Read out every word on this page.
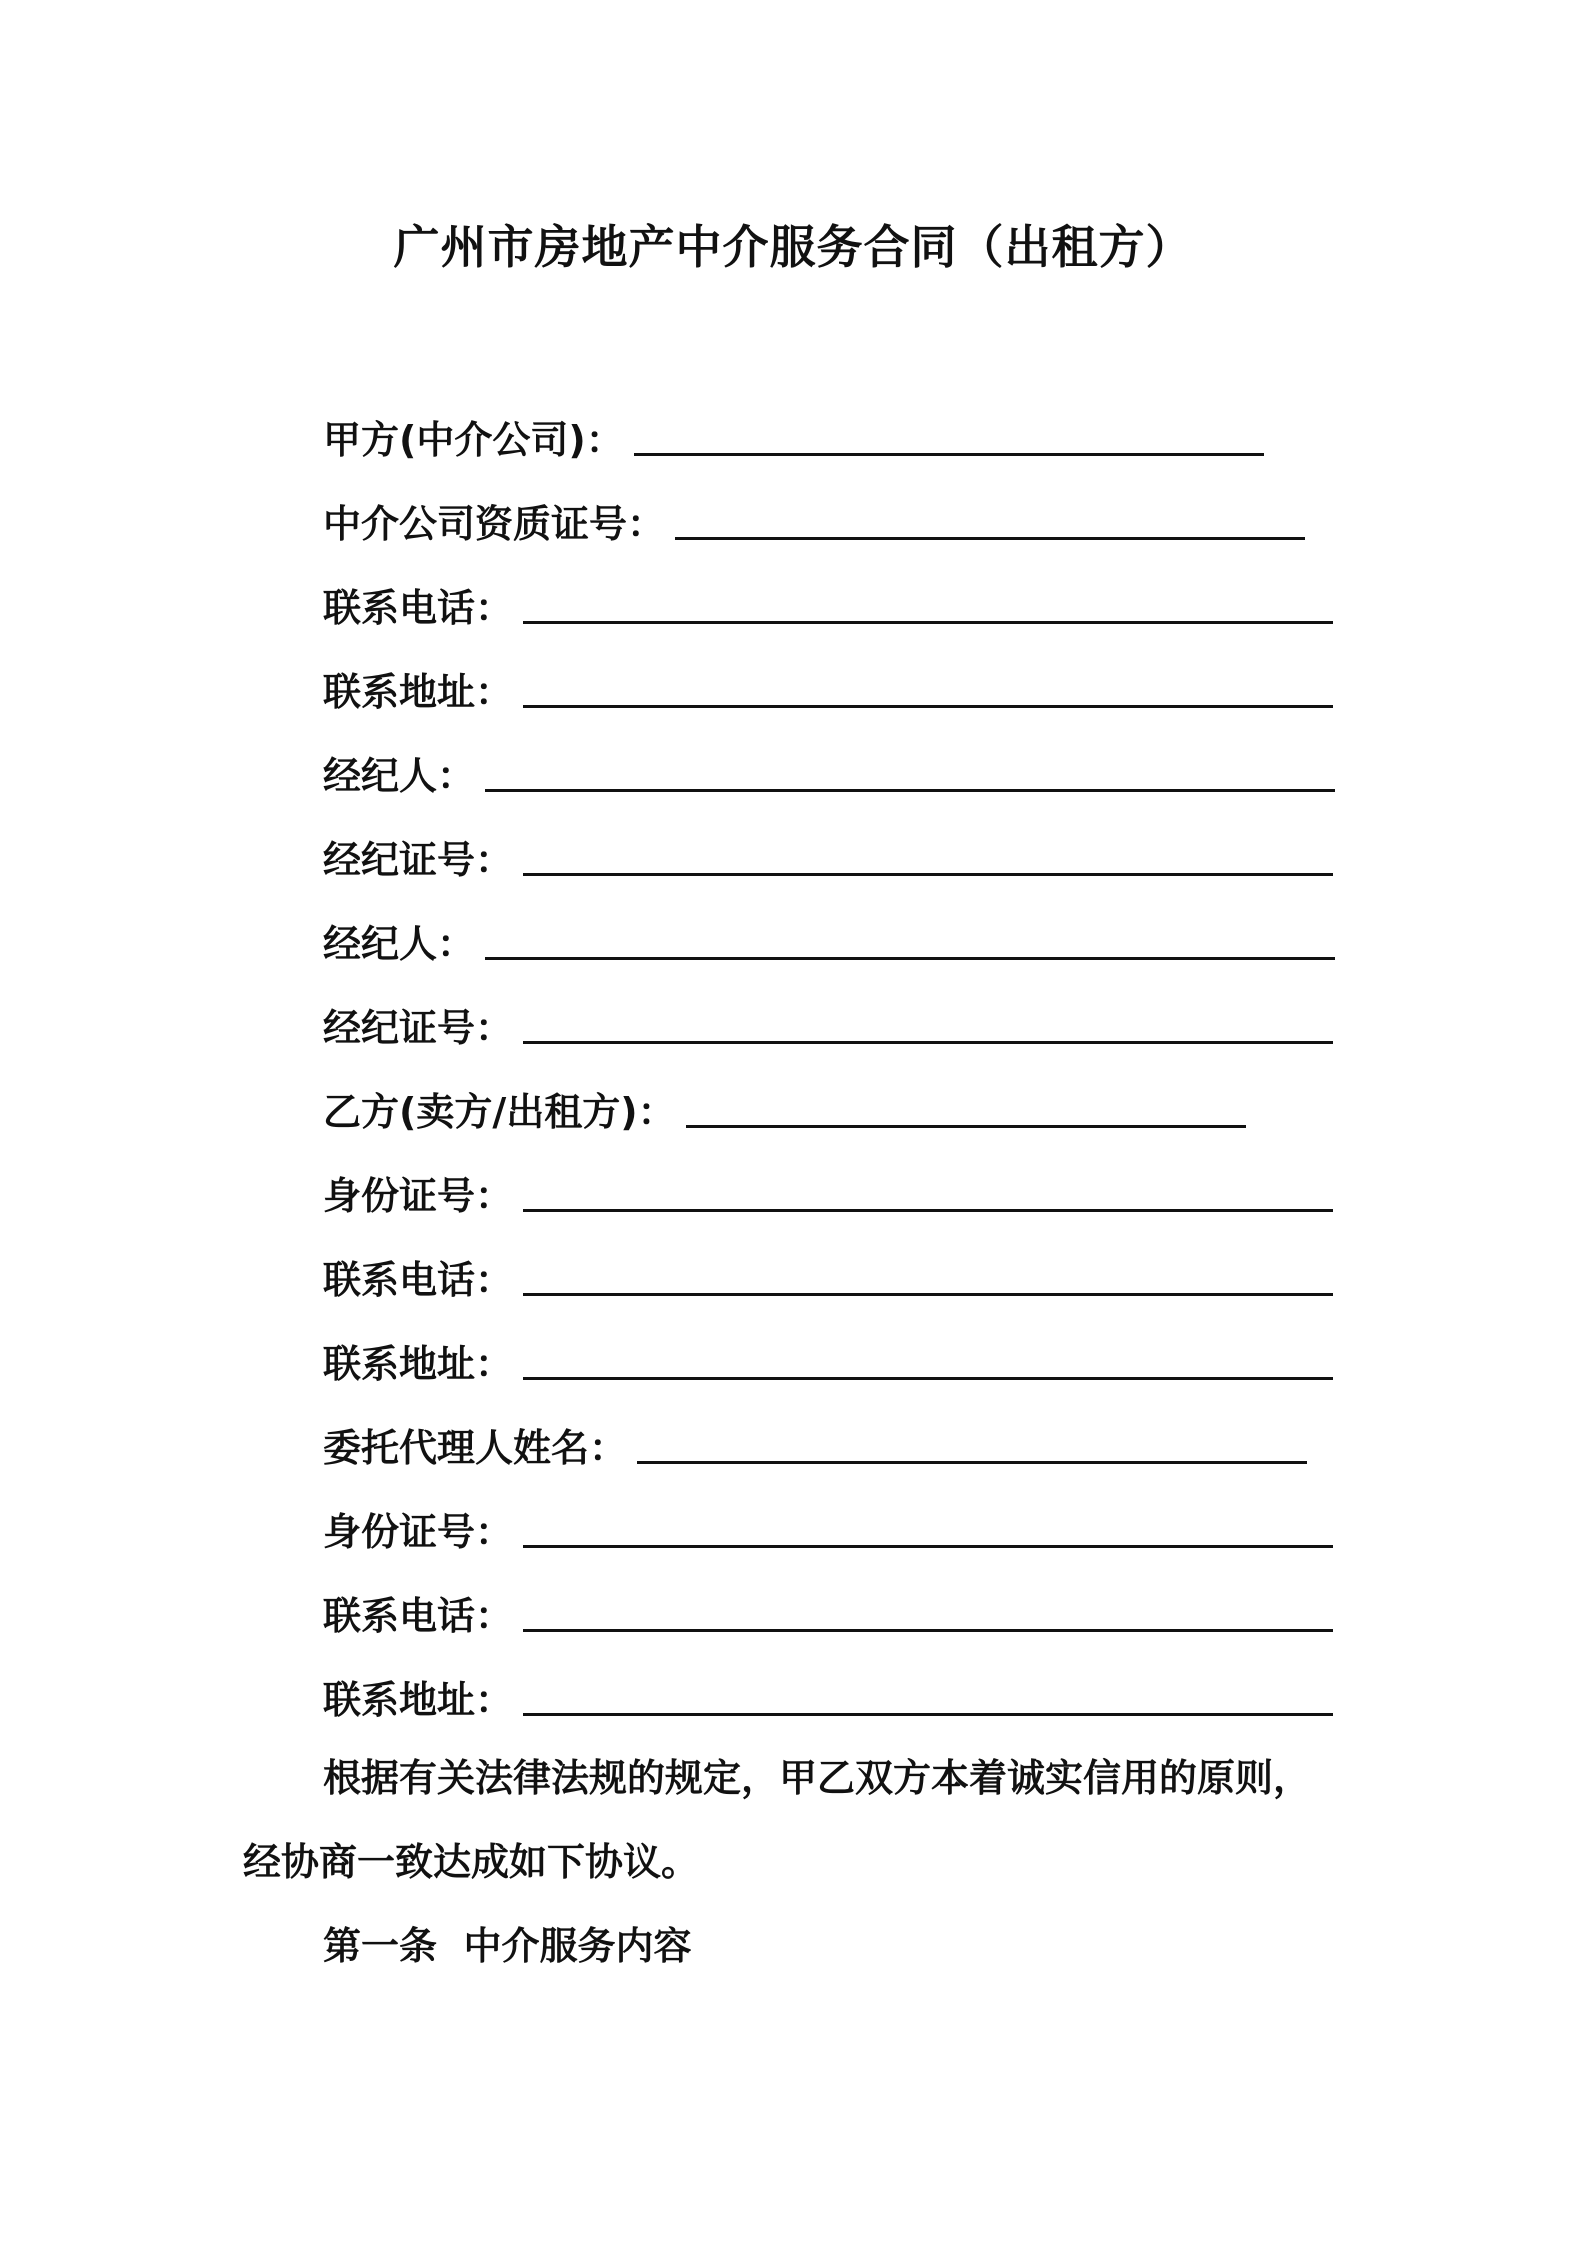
广州市房地产中介服务合同（出租方）
甲方(中介公司)：
中介公司资质证号：
联系电话：
联系地址：
经纪人：
经纪证号：
经纪人：
经纪证号：
乙方(卖方/出租方)：
身份证号：
联系电话：
联系地址：
委托代理人姓名：
身份证号：
联系电话：
联系地址：
根据有关法律法规的规定，甲乙双方本着诚实信用的原则，
经协商一致达成如下协议。
第一条  中介服务内容
